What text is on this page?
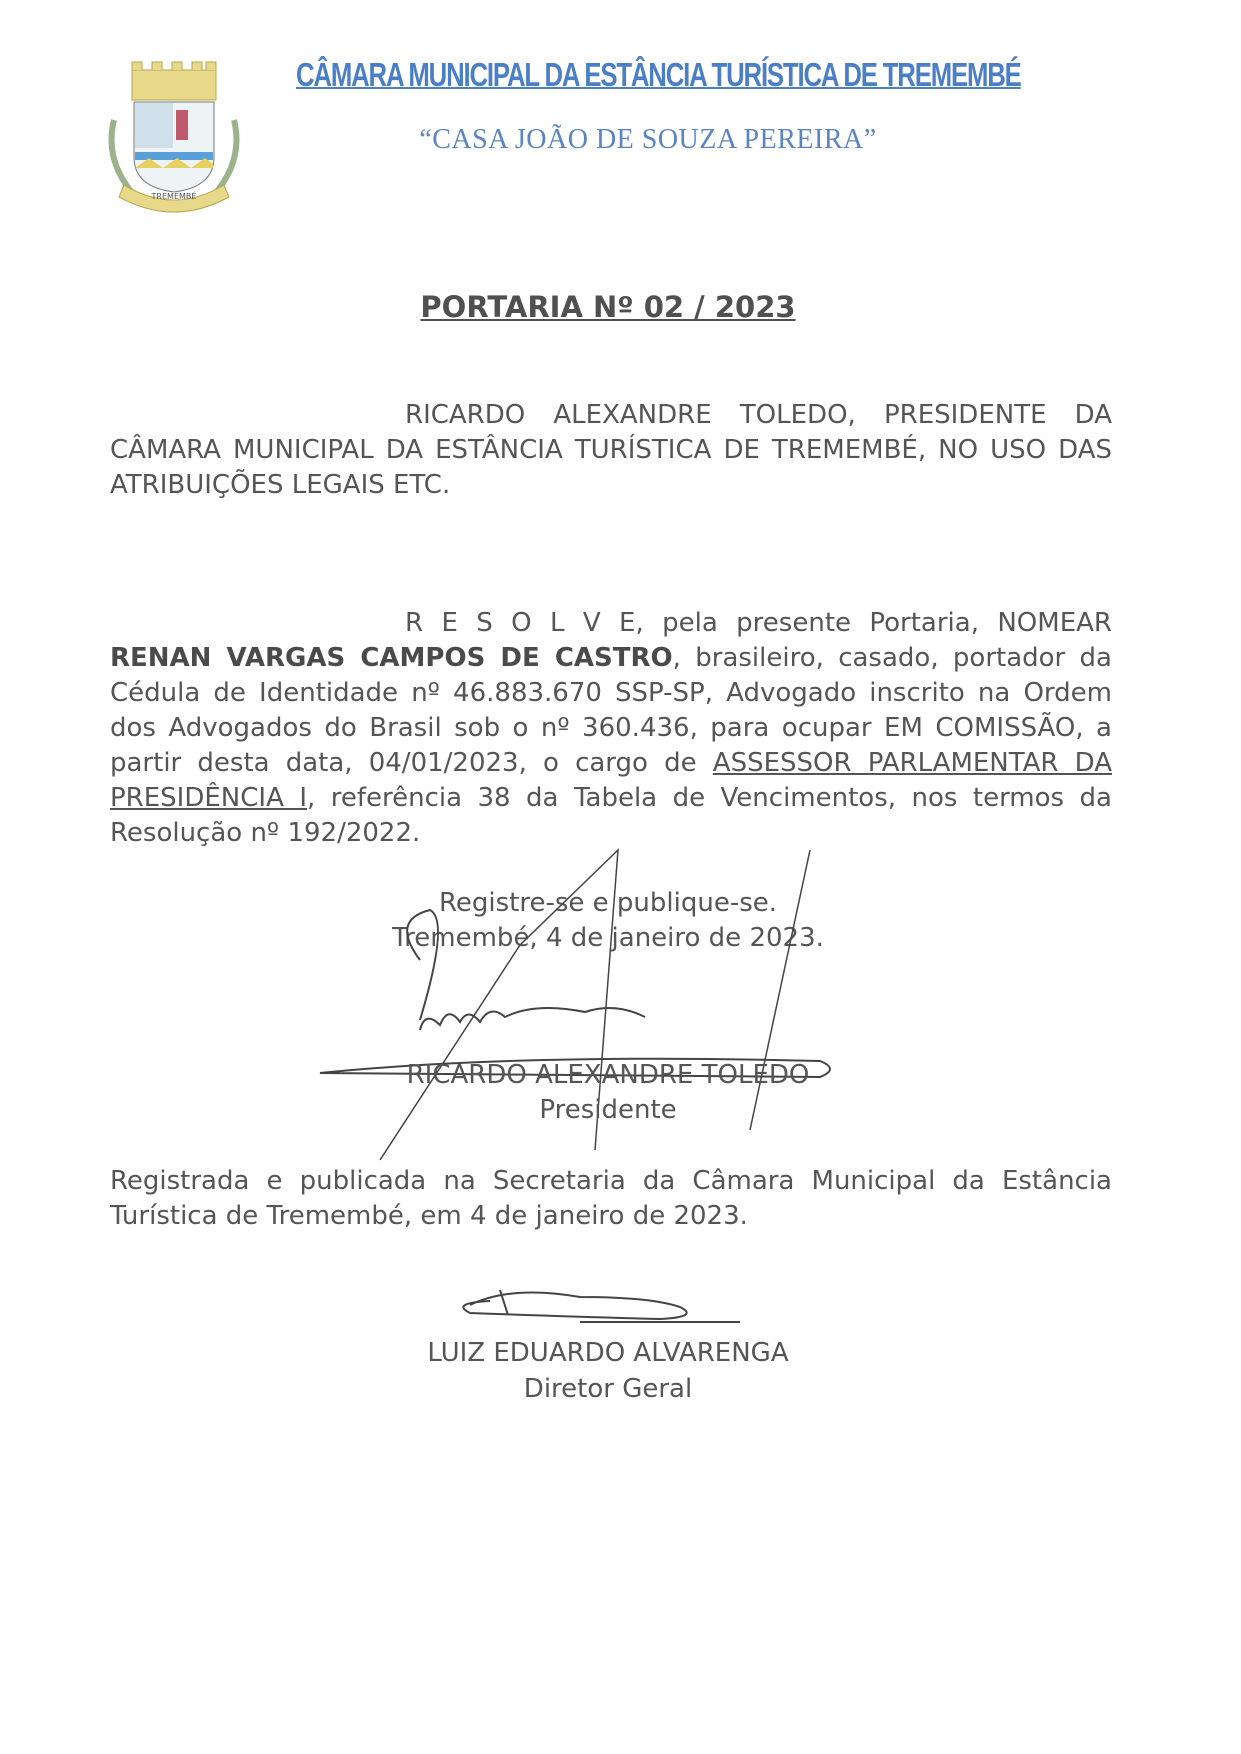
TREMEMBÉ
CÂMARA MUNICIPAL DA ESTÂNCIA TURÍSTICA DE TREMEMBÉ
“CASA JOÃO DE SOUZA PEREIRA”
PORTARIA Nº 02 / 2023
RICARDO ALEXANDRE TOLEDO, PRESIDENTE DA CÂMARA MUNICIPAL DA ESTÂNCIA TURÍSTICA DE TREMEMBÉ, NO USO DAS ATRIBUIÇÕES LEGAIS ETC.
R E S O L V E, pela presente Portaria, NOMEAR RENAN VARGAS CAMPOS DE CASTRO, brasileiro, casado, portador da Cédula de Identidade nº 46.883.670 SSP-SP, Advogado inscrito na Ordem dos Advogados do Brasil sob o nº 360.436, para ocupar EM COMISSÃO, a partir desta data, 04/01/2023, o cargo de ASSESSOR PARLAMENTAR DA PRESIDÊNCIA I, referência 38 da Tabela de Vencimentos, nos termos da Resolução nº 192/2022.
Registre-se e publique-se.
Tremembé, 4 de janeiro de 2023.
RICARDO ALEXANDRE TOLEDO
Presidente
Registrada e publicada na Secretaria da Câmara Municipal da Estância Turística de Tremembé, em 4 de janeiro de 2023.
LUIZ EDUARDO ALVARENGA
Diretor Geral
